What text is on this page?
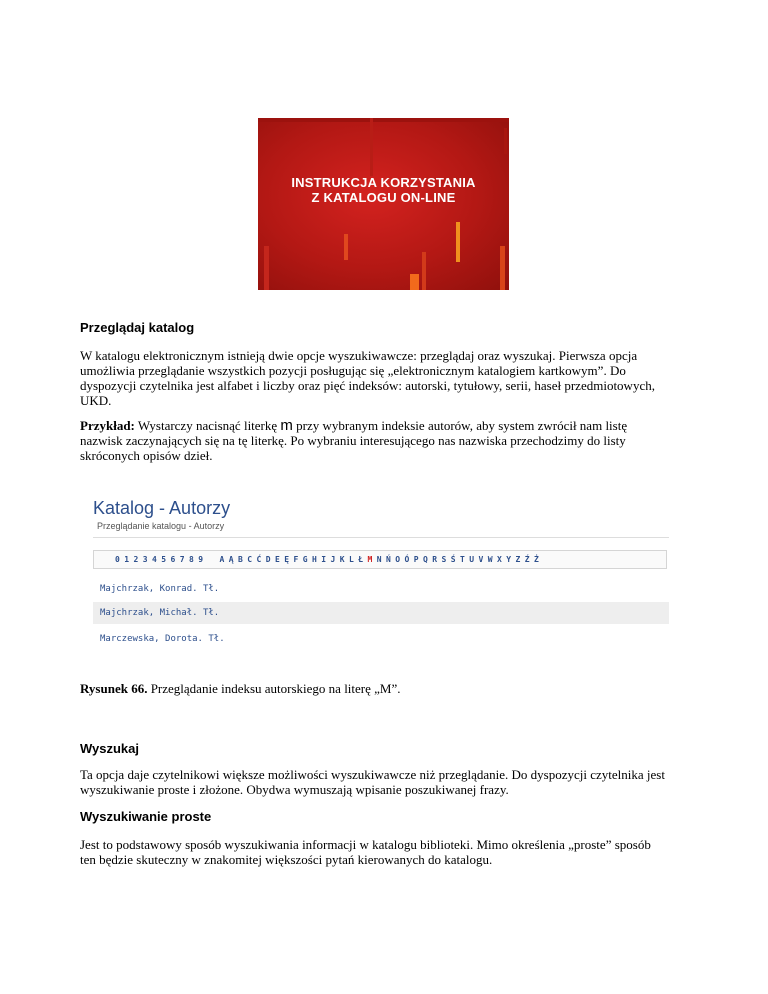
INSTRUKCJA KORZYSTANIA
Z KATALOGU ON-LINE
Przeglądaj katalog
W katalogu elektronicznym istnieją dwie opcje wyszukiwawcze: przeglądaj oraz wyszukaj. Pierwsza opcja
umożliwia przeglądanie wszystkich pozycji posługując się „elektronicznym katalogiem kartkowym”. Do
dyspozycji czytelnika jest alfabet i liczby oraz pięć indeksów: autorski, tytułowy, serii, haseł przedmiotowych,
UKD.
Przykład: Wystarczy nacisnąć literkę m przy wybranym indeksie autorów, aby system zwrócił nam listę
nazwisk zaczynających się na tę literkę. Po wybraniu interesującego nas nazwiska przechodzimy do listy
skróconych opisów dzieł.
Katalog - Autorzy
Przeglądanie katalogu - Autorzy
0 1 2 3 4 5 6 7 8 9	A Ą B C Ć D E Ę F G H I J K L Ł M N Ń O Ó P Q R S Ś T U V W X Y Z Ź Ż
Majchrzak, Konrad. Tł.
Majchrzak, Michał. Tł.
Marczewska, Dorota. Tł.
Rysunek 66. Przeglądanie indeksu autorskiego na literę „M”.
Wyszukaj
Ta opcja daje czytelnikowi większe możliwości wyszukiwawcze niż przeglądanie. Do dyspozycji czytelnika jest
wyszukiwanie proste i złożone. Obydwa wymuszają wpisanie poszukiwanej frazy.
Wyszukiwanie proste
Jest to podstawowy sposób wyszukiwania informacji w katalogu biblioteki. Mimo określenia „proste” sposób
ten będzie skuteczny w znakomitej większości pytań kierowanych do katalogu.
